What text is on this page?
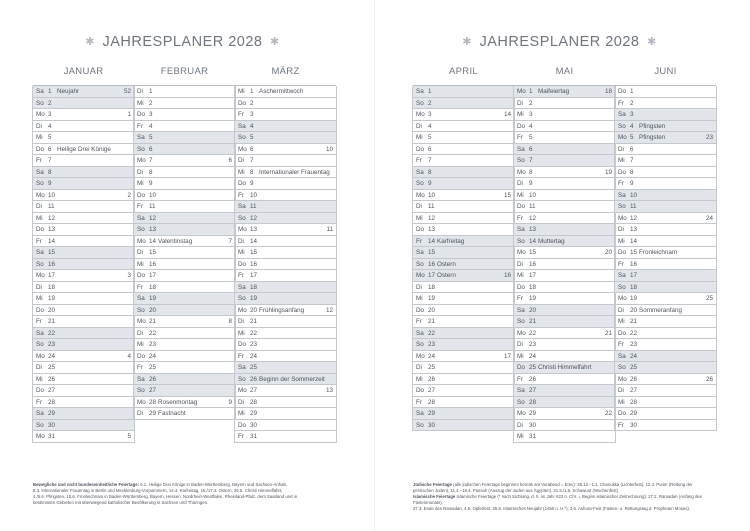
✱ JAHRESPLANER 2028 ✱
Bewegliche und nicht bundeseinheitliche Feiertage: 6.1. Heilige Drei Könige in Baden-Württemberg, Bayern und Sachsen-Anhalt,
8.3. Internationaler Frauentag in Berlin und Mecklenburg-Vorpommern, 14.4. Karfreitag, 16./17.4. Ostern, 25.5. Christi Himmelfahrt,
4./5.6. Pfingsten, 15.6. Fronleichnam in Baden-Württemberg, Bayern, Hessen, Nordrhein-Westfalen, Rheinland-Pfalz, dem Saarland und in
bestimmten Gebieten mit überwiegend katholischer Bevölkerung in Sachsen und Thüringen.
JANUAR
Sa 1 Neujahr	52
So 2
Mo 3	1
Di 4
Mi 5
Do 6 Heilige Drei Könige
Fr 7
Sa 8
So 9
Mo 10	2
Di 11
Mi 12
Do 13
Fr 14
Sa 15
So 16
Mo 17	3
Di 18
Mi 19
Do 20
Fr 21
Sa 22
So 23
Mo 24	4
Di 25
Mi 26
Do 27
Fr 28
Sa 29
So 30
Mo 31	5
FEBRUAR
Di 1
Mi 2
Do 3
Fr 4
Sa 5
So 6
Mo 7	6
Di 8
Mi 9
Do 10
Fr 11
Sa 12
So 13
Mo 14 Valentinstag	7
Di 15
Mi 16
Do 17
Fr 18
Sa 19
So 20
Mo 21	8
Di 22
Mi 23
Do 24
Fr 25
Sa 26
So 27
Mo 28 Rosenmontag	9
Di 29 Fastnacht
MÄRZ
Mi 1 Aschermittwoch
Do 2
Fr 3
Sa 4
So 5
Mo 6	10
Di 7
Mi 8 Internationaler Frauentag
Do 9
Fr 10
Sa 11
So 12
Mo 13	11
Di 14
Mi 15
Do 16
Fr 17
Sa 18
So 19
Mo 20 Frühlingsanfang	12
Di 21
Mi 22
Do 23
Fr 24
Sa 25
So 26 Beginn der Sommerzeit
Mo 27	13
Di 28
Mi 29
Do 30
Fr 31
✱ JAHRESPLANER 2028 ✱
Jüdische Feiertage (alle jüdischen Feiertage beginnen bereits am Vorabend = Erev): 25.12.–1.1. Chanukka (Lichterfest), 12.3. Purim (Rettung der
persischen Juden), 11.4.–18.4. Passah (Auszug der Juden aus Ägypten), 31.5./1.6. Schawuot (Wochenfest).
Islamische Feiertage Islamische Feiertage (* nach Sichtung, d. h. im Jahr 622 n. Chr. = Beginn islamischer Zeitrechnung): 27.2. Ramadan (Anfang des Fastenmonats),
27.3. Ende des Ramadan, 4.5. Opferfest, 25.5. Islamisches Neujahr (1450 n. H.*), 3.6. Ashura-Fest (Fasten- u. Rettungstag d. Propheten Moses).
APRIL
Sa 1
So 2
Mo 3	14
Di 4
Mi 5
Do 6
Fr 7
Sa 8
So 9
Mo 10	15
Di 11
Mi 12
Do 13
Fr 14 Karfreitag
Sa 15
So 16 Ostern
Mo 17 Ostern	16
Di 18
Mi 19
Do 20
Fr 21
Sa 22
So 23
Mo 24	17
Di 25
Mi 26
Do 27
Fr 28
Sa 29
So 30
MAI
Mo 1 Maifeiertag	18
Di 2
Mi 3
Do 4
Fr 5
Sa 6
So 7
Mo 8	19
Di 9
Mi 10
Do 11
Fr 12
Sa 13
So 14 Muttertag
Mo 15	20
Di 16
Mi 17
Do 18
Fr 19
Sa 20
So 21
Mo 22	21
Di 23
Mi 24
Do 25 Christi Himmelfahrt
Fr 26
Sa 27
So 28
Mo 29	22
Di 30
Mi 31
JUNI
Do 1
Fr 2
Sa 3
So 4 Pfingsten
Mo 5 Pfingsten	23
Di 6
Mi 7
Do 8
Fr 9
Sa 10
So 11
Mo 12	24
Di 13
Mi 14
Do 15 Fronleichnam
Fr 16
Sa 17
So 18
Mo 19	25
Di 20 Sommeranfang
Mi 21
Do 22
Fr 23
Sa 24
So 25
Mo 26	26
Di 27
Mi 28
Do 29
Fr 30
